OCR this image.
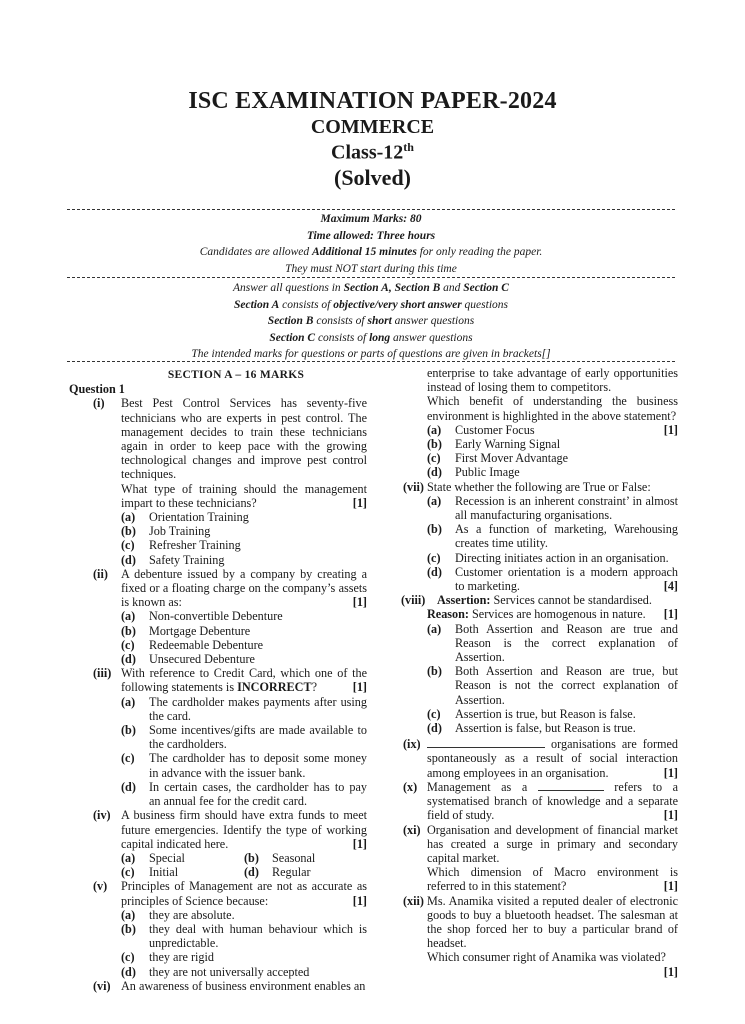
ISC EXAMINATION PAPER-2024
COMMERCE
Class-12th
(Solved)
Maximum Marks: 80
Time allowed: Three hours
Candidates are allowed Additional 15 minutes for only reading the paper.
They must NOT start during this time
Answer all questions in Section A, Section B and Section C
Section A consists of objective/very short answer questions
Section B consists of short answer questions
Section C consists of long answer questions
The intended marks for questions or parts of questions are given in brackets[]
SECTION A – 16 MARKS
Question 1
(i) Best Pest Control Services has seventy-five technicians who are experts in pest control. The management decides to train these technicians again in order to keep pace with the growing technological changes and improve pest control techniques.
What type of training should the management impart to these technicians?	[1]
(a) Orientation Training
(b) Job Training
(c) Refresher Training
(d) Safety Training
(ii) A debenture issued by a company by creating a fixed or a floating charge on the company’s assets is known as:	[1]
(a) Non-convertible Debenture
(b) Mortgage Debenture
(c) Redeemable Debenture
(d) Unsecured Debenture
(iii) With reference to Credit Card, which one of the following statements is INCORRECT?	[1]
(a) The cardholder makes payments after using the card.
(b) Some incentives/gifts are made available to the cardholders.
(c) The cardholder has to deposit some money in advance with the issuer bank.
(d) In certain cases, the cardholder has to pay an annual fee for the credit card.
(iv) A business firm should have extra funds to meet future emergencies. Identify the type of working capital indicated here.	[1]
(a) Special	(b) Seasonal
(c) Initial	(d) Regular
(v) Principles of Management are not as accurate as principles of Science because:	[1]
(a) they are absolute.
(b) they deal with human behaviour which is unpredictable.
(c) they are rigid
(d) they are not universally accepted
(vi) An awareness of business environment enables an
enterprise to take advantage of early opportunities instead of losing them to competitors.
Which benefit of understanding the business environment is highlighted in the above statement?
[1]
(a) Customer Focus
(b) Early Warning Signal
(c) First Mover Advantage
(d) Public Image
(vii) State whether the following are True or False:
(a) Recession is an inherent constraint’ in almost all manufacturing organisations.
(b) As a function of marketing, Warehousing creates time utility.
(c) Directing initiates action in an organisation.
(d) Customer orientation is a modern approach to marketing.	[4]
(viii) Assertion: Services cannot be standardised.
Reason: Services are homogenous in nature. [1]
(a) Both Assertion and Reason are true and Reason is the correct explanation of Assertion.
(b) Both Assertion and Reason are true, but Reason is not the correct explanation of Assertion.
(c) Assertion is true, but Reason is false.
(d) Assertion is false, but Reason is true.
(ix)	organisations are formed spontaneously as a result of social interaction among employees in an organisation.	[1]
(x) Management as a	refers to a systematised branch of knowledge and a separate field of study.	[1]
(xi) Organisation and development of financial market has created a surge in primary and secondary capital market.
Which dimension of Macro environment is referred to in this statement?	[1]
(xii) Ms. Anamika visited a reputed dealer of electronic goods to buy a bluetooth headset. The salesman at the shop forced her to buy a particular brand of headset.
Which consumer right of Anamika was violated?
[1]
